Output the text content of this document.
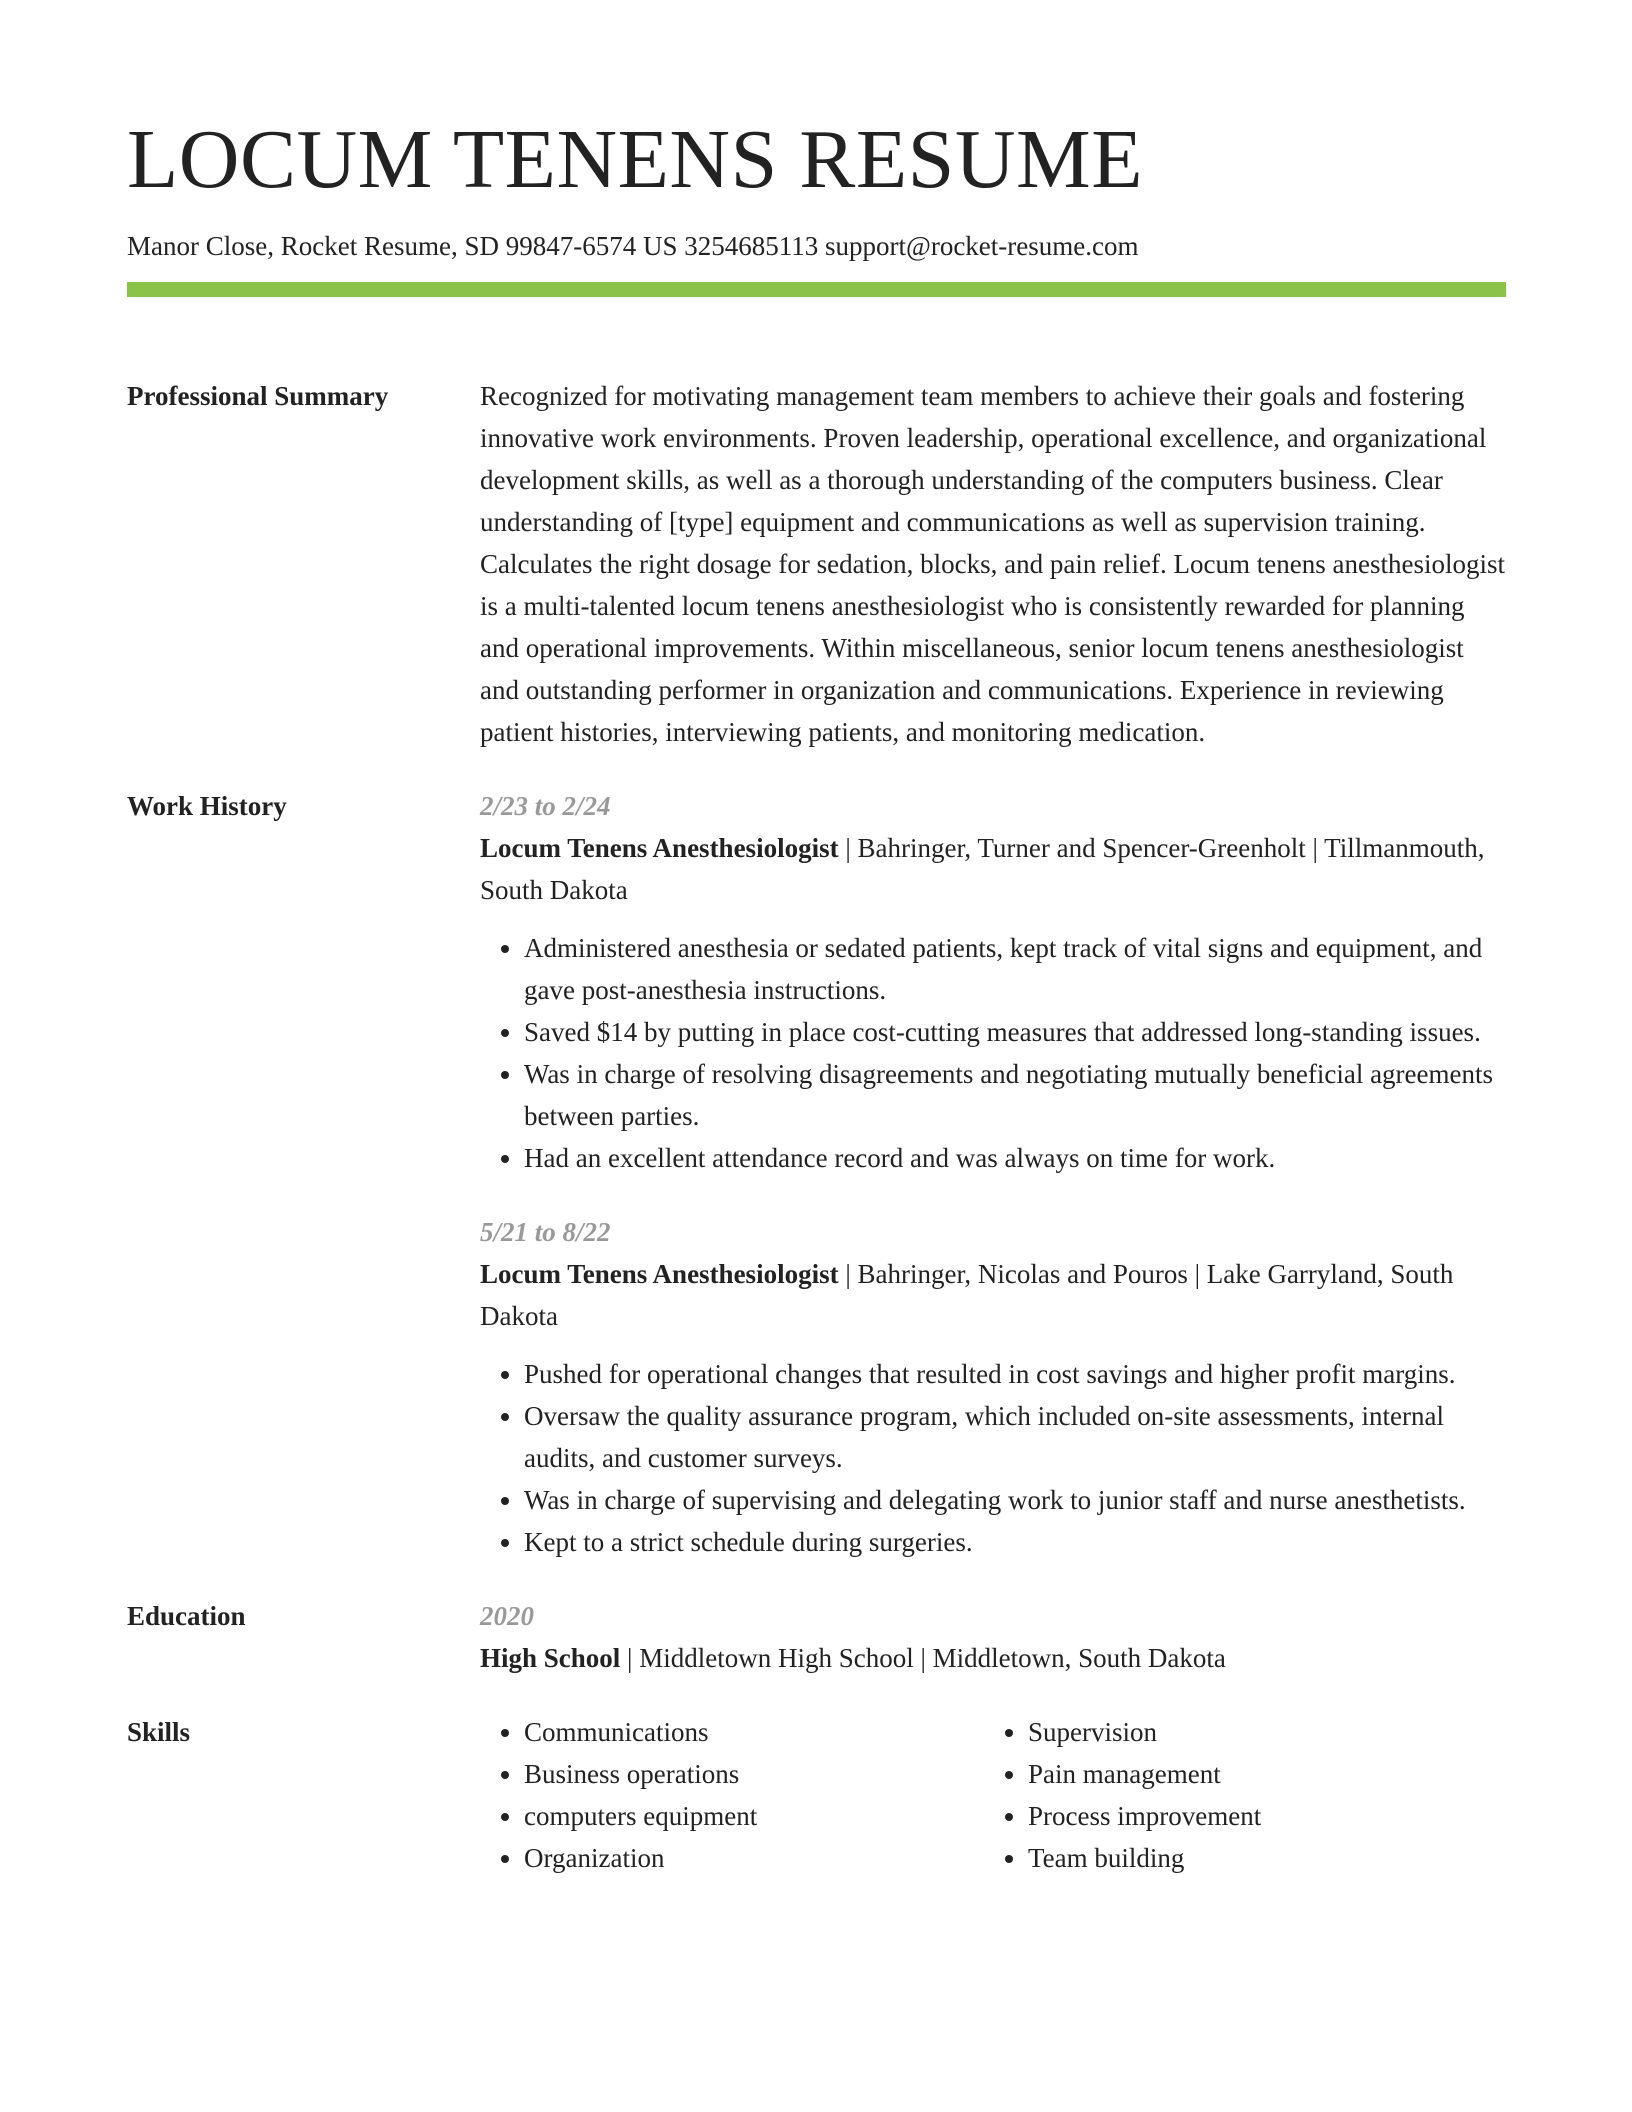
LOCUM TENENS RESUME
Manor Close, Rocket Resume, SD 99847-6574 US 3254685113 support@rocket-resume.com
Professional Summary	Recognized for motivating management team members to achieve their goals and fostering innovative work environments. Proven leadership, operational excellence, and organizational development skills, as well as a thorough understanding of the computers business. Clear understanding of [type] equipment and communications as well as supervision training. Calculates the right dosage for sedation, blocks, and pain relief. Locum tenens anesthesiologist is a multi-talented locum tenens anesthesiologist who is consistently rewarded for planning and operational improvements. Within miscellaneous, senior locum tenens anesthesiologist and outstanding performer in organization and communications. Experience in reviewing patient histories, interviewing patients, and monitoring medication.

Work History	2/23 to 2/24

Locum Tenens Anesthesiologist | Bahringer, Turner and Spencer-Greenholt | Tillmanmouth, South Dakota

• Administered anesthesia or sedated patients, kept track of vital signs and equipment, and gave post-anesthesia instructions.
• Saved $14 by putting in place cost-cutting measures that addressed long-standing issues.
• Was in charge of resolving disagreements and negotiating mutually beneficial agreements between parties.
• Had an excellent attendance record and was always on time for work.
5/21 to 8/22

Locum Tenens Anesthesiologist | Bahringer, Nicolas and Pouros | Lake Garryland, South Dakota

• Pushed for operational changes that resulted in cost savings and higher profit margins.
• Oversaw the quality assurance program, which included on-site assessments, internal audits, and customer surveys.
• Was in charge of supervising and delegating work to junior staff and nurse anesthetists.
• Kept to a strict schedule during surgeries.
Education	2020

High School | Middletown High School | Middletown, South Dakota

Skills
•	Communications
• Business operations
• computers equipment
• Organization
• Supervision
• Pain management
• Process improvement
• Team building
